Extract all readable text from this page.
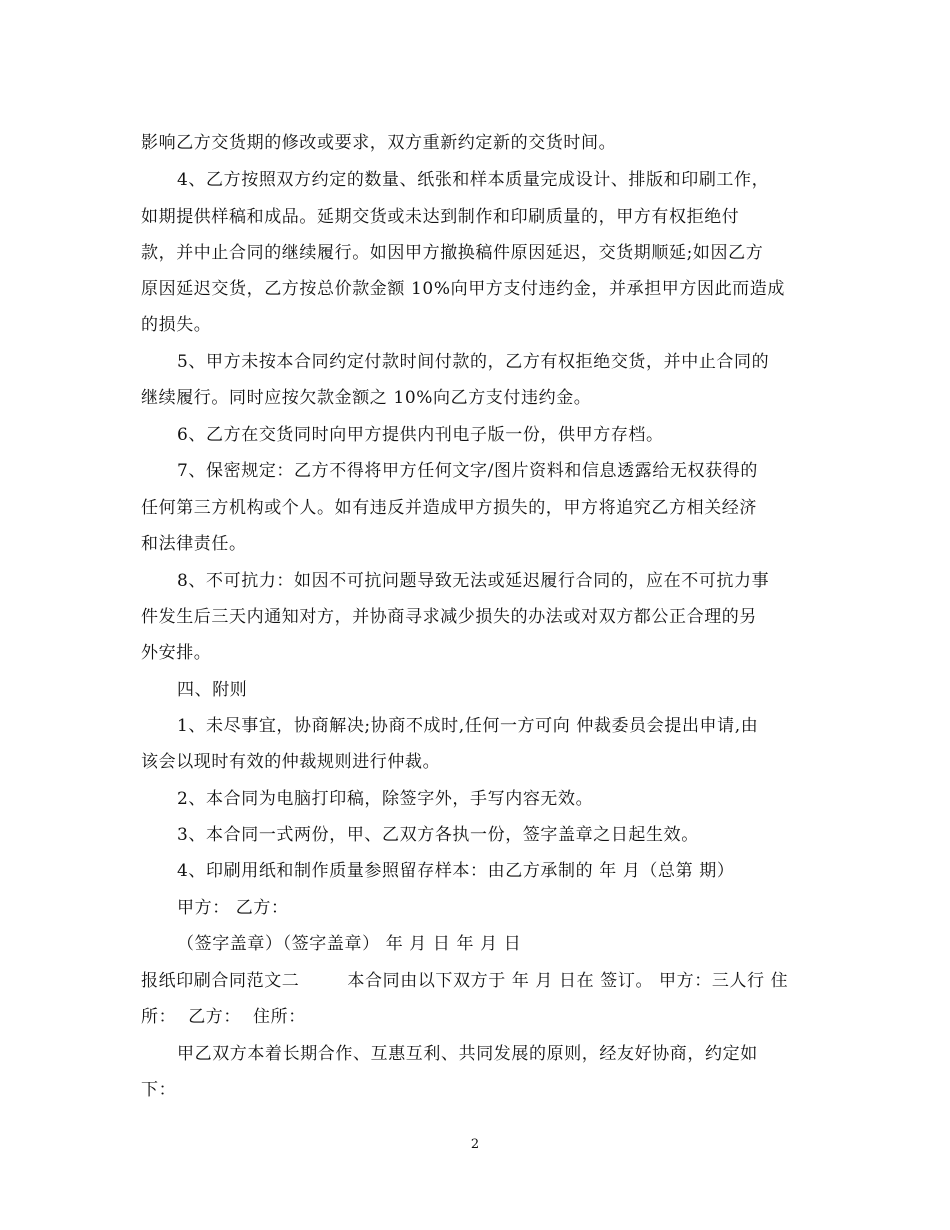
影响乙方交货期的修改或要求，双方重新约定新的交货时间。
4、乙方按照双方约定的数量、纸张和样本质量完成设计、排版和印刷工作，
如期提供样稿和成品。延期交货或未达到制作和印刷质量的，甲方有权拒绝付
款，并中止合同的继续履行。如因甲方撤换稿件原因延迟，交货期顺延;如因乙方
原因延迟交货，乙方按总价款金额 10%向甲方支付违约金，并承担甲方因此而造成
的损失。
5、甲方未按本合同约定付款时间付款的，乙方有权拒绝交货，并中止合同的
继续履行。同时应按欠款金额之 10%向乙方支付违约金。
6、乙方在交货同时向甲方提供内刊电子版一份，供甲方存档。
7、保密规定：乙方不得将甲方任何文字/图片资料和信息透露给无权获得的
任何第三方机构或个人。如有违反并造成甲方损失的，甲方将追究乙方相关经济
和法律责任。
8、不可抗力：如因不可抗问题导致无法或延迟履行合同的，应在不可抗力事
件发生后三天内通知对方，并协商寻求减少损失的办法或对双方都公正合理的另
外安排。
四、附则
1、未尽事宜，协商解决;协商不成时,任何一方可向 仲裁委员会提出申请,由
该会以现时有效的仲裁规则进行仲裁。
2、本合同为电脑打印稿，除签字外，手写内容无效。
3、本合同一式两份，甲、乙双方各执一份，签字盖章之日起生效。
4、印刷用纸和制作质量参照留存样本：由乙方承制的 年 月（总第 期）
甲方： 乙方：
（签字盖章）（签字盖章） 年 月 日 年 月 日
报纸印刷合同范文二        本合同由以下双方于 年 月 日在 签订。 甲方：三人行 住
所：  乙方：  住所：
甲乙双方本着长期合作、互惠互利、共同发展的原则，经友好协商，约定如
下：
2
